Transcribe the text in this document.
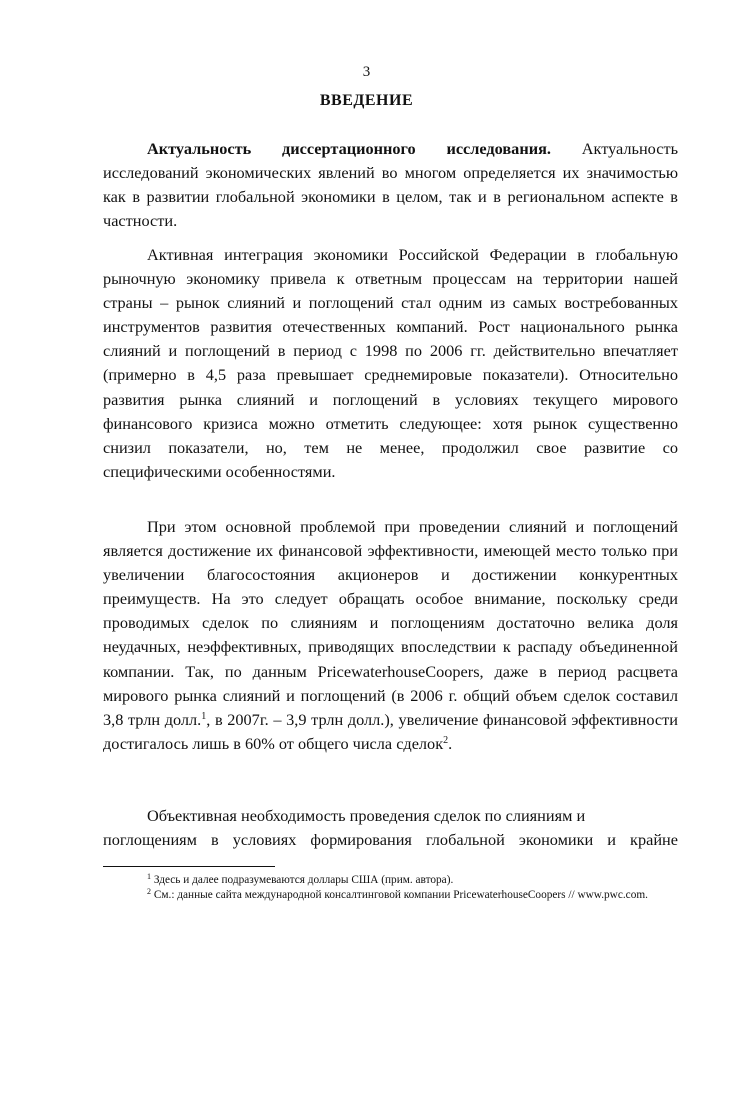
3
ВВЕДЕНИЕ

Актуальность диссертационного исследования. Актуальность исследований экономических явлений во многом определяется их значимостью как в развитии глобальной экономики в целом, так и в региональном аспекте в частности.

Активная интеграция экономики Российской Федерации в глобальную рыночную экономику привела к ответным процессам на территории нашей страны – рынок слияний и поглощений стал одним из самых востребованных инструментов развития отечественных компаний. Рост национального рынка слияний и поглощений в период с 1998 по 2006 гг. действительно впечатляет (примерно в 4,5 раза превышает среднемировые показатели). Относительно развития рынка слияний и поглощений в условиях текущего мирового финансового кризиса можно отметить следующее: хотя рынок существенно снизил показатели, но, тем не менее, продолжил свое развитие со специфическими особенностями.

При этом основной проблемой при проведении слияний и поглощений является достижение их финансовой эффективности, имеющей место только при увеличении благосостояния акционеров и достижении конкурентных преимуществ. На это следует обращать особое внимание, поскольку среди проводимых сделок по слияниям и поглощениям достаточно велика доля неудачных, неэффективных, приводящих впоследствии к распаду объединенной компании. Так, по данным PricewaterhouseCoopers, даже в период расцвета мирового рынка слияний и поглощений (в 2006 г. общий объем сделок составил 3,8 трлн долл.$^1$, в 2007г. – 3,9 трлн долл.), увеличение финансовой эффективности достигалось лишь в 60% от общего числа сделок$^2$.

Объективная необходимость проведения сделок по слияниям и

поглощениям в условиях формирования глобальной экономики и крайне

$^1$ Здесь и далее подразумеваются доллары США (прим. автора).

$^2$ См.: данные сайта международной консалтинговой компании PricewaterhouseCoopers // www.pwc.com.
